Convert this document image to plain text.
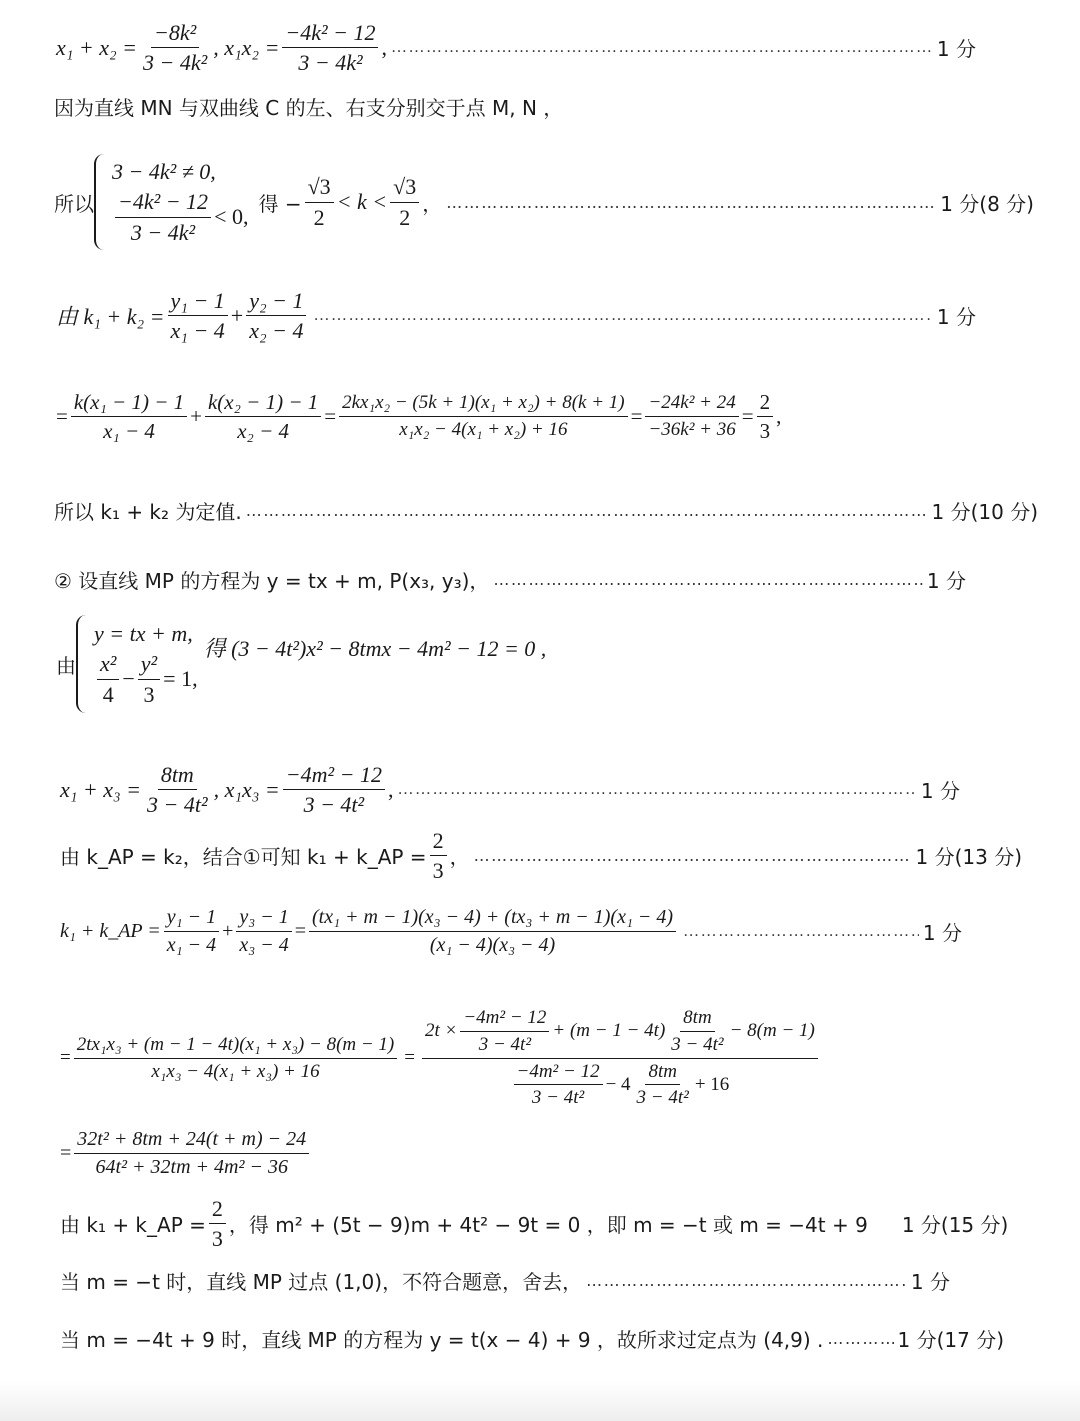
$x_1 + x_2 = \frac{\text{−8k²}}{\text{3 − 4k²}}$ , $x_1x_2 = \frac{\text{−4k² − 12}}{\text{3 − 4k²}}$ , ……………………………………………………………………………………………………………………………………………………………………………………………………	1 分
因为直线 MN 与双曲线 C 的左、右支分别交于点 M, N ，
所以
3 − 4k² ≠ 0,
$\frac{\text{−4k² − 12}}{\text{3 − 4k²}} < 0$,
得 − $\frac{√3}{2} < k < \frac{√3}{2}$ ， ……………………………………………………………………………………………………………………………………………………………………………………………………	1 分(8 分)
由 $k_1 + k_2 = \frac{\text{y₁ − 1}}{\text{x₁ − 4}} + \frac{\text{y₂ − 1}}{\text{x₂ − 4}}$ ……………………………………………………………………………………………………………………………………………………………………………………………………	1 分
= $\frac{\text{k(x₁ − 1) − 1}}{\text{x₁ − 4}} + \frac{\text{k(x₂ − 1) − 1}}{\text{x₂ − 4}} = \frac{\text{2kx₁x₂ − (5k + 1)(x₁ + x₂) + 8(k + 1)}}{\text{x₁x₂ − 4(x₁ + x₂) + 16}} = \frac{\text{−24k² + 24}}{\text{−36k² + 36}} = \frac{2}{3}$ ,
所以 k₁ + k₂ 为定值. ……………………………………………………………………………………………………………………………………………………………………………………………………	1 分(10 分)
② 设直线 MP 的方程为 y = tx + m, P(x₃, y₃)， ……………………………………………………………………………………………………………………………………………………………………………………………………	1 分
由
y = tx + m,
$\frac{\text{x²}}{4} - \frac{\text{y²}}{3} = 1$,
得 (3 − 4t²)x² − 8tmx − 4m² − 12 = 0 ,
$x_1 + x_3 = \frac{8tm}{\text{3 − 4t²}}$ , $x_1x_3 = \frac{\text{−4m² − 12}}{\text{3 − 4t²}}$ , ……………………………………………………………………………………………………………………………………………………………………………………………………	1 分
由 k_AP = k₂，结合①可知 k₁ + k_AP = $\frac{2}{3}$ ， ……………………………………………………………………………………………………………………………………………………………………………………………………	1 分(13 分)
k₁ + k_AP = $\frac{\text{y₁ − 1}}{\text{x₁ − 4}} + \frac{\text{y₃ − 1}}{\text{x₃ − 4}} = \frac{\text{(tx₁ + m − 1)(x₃ − 4) + (tx₃ + m − 1)(x₁ − 4)}}{\text{(x₁ − 4)(x₃ − 4)}}$ ……………………………………………………………………………………………………………………………………………………………………………………………………	1 分
= $\frac{\text{2tx₁x₃ + (m − 1 − 4t)(x₁ + x₃) − 8(m − 1)}}{\text{x₁x₃ − 4(x₁ + x₃) + 16}}$ =
$2t \times \frac{\text{−4m² − 12}}{\text{3 − 4t²}} + (m - 1 - 4t) \frac{8tm}{\text{3 − 4t²}} - 8(m - 1)$
$\frac{\text{−4m² − 12}}{\text{3 − 4t²}} - 4 \frac{8tm}{\text{3 − 4t²}} + 16$
= $\frac{\text{32t² + 8tm + 24(t + m) − 24}}{\text{64t² + 32tm + 4m² − 36}}$
由 k₁ + k_AP = $\frac{2}{3}$ ，得 m² + (5t − 9)m + 4t² − 9t = 0 ，即 m = −t 或 m = −4t + 9 1 分(15 分)
当 m = −t 时，直线 MP 过点 (1,0)，不符合题意，舍去， ……………………………………………………………………………………………………………………………………………………………………………………………………	1 分
当 m = −4t + 9 时，直线 MP 的方程为 y = t(x − 4) + 9 ，故所求过定点为 (4,9) . ……………………………………………………………………………………………………………………………………………………………………………………………………	1 分(17 分)
